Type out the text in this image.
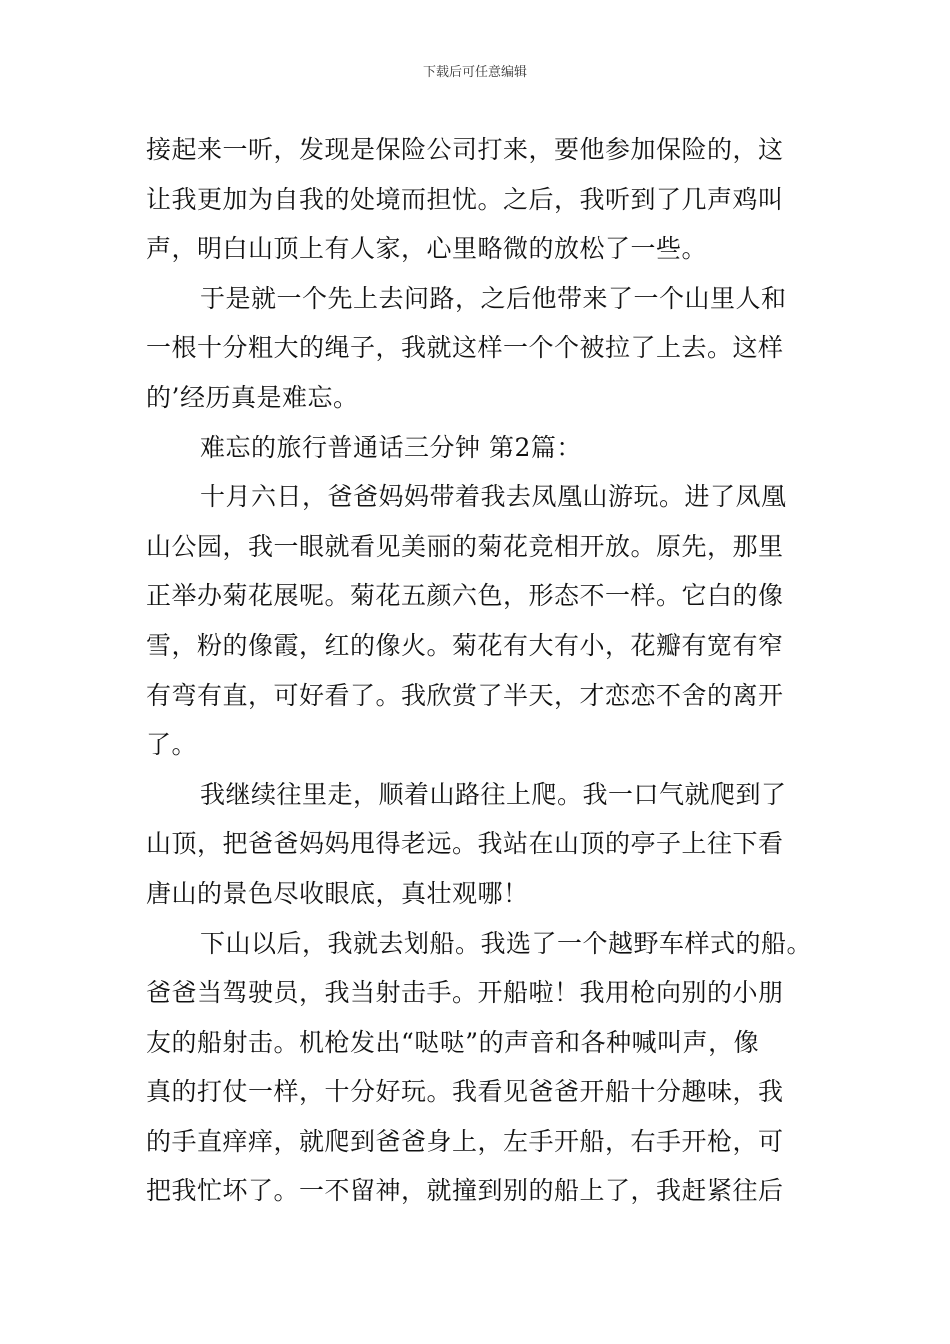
下载后可任意编辑
接起来一听，发现是保险公司打来，要他参加保险的，这
让我更加为自我的处境而担忧。之后，我听到了几声鸡叫
声，明白山顶上有人家，心里略微的放松了一些。
于是就一个先上去问路，之后他带来了一个山里人和
一根十分粗大的绳子，我就这样一个个被拉了上去。这样
的’经历真是难忘。
难忘的旅行普通话三分钟 第2篇：
十月六日，爸爸妈妈带着我去凤凰山游玩。进了凤凰
山公园，我一眼就看见美丽的菊花竞相开放。原先，那里
正举办菊花展呢。菊花五颜六色，形态不一样。它白的像
雪，粉的像霞，红的像火。菊花有大有小，花瓣有宽有窄
有弯有直，可好看了。我欣赏了半天，才恋恋不舍的离开
了。
我继续往里走，顺着山路往上爬。我一口气就爬到了
山顶，把爸爸妈妈甩得老远。我站在山顶的亭子上往下看
唐山的景色尽收眼底，真壮观哪！
下山以后，我就去划船。我选了一个越野车样式的船。
爸爸当驾驶员，我当射击手。开船啦！我用枪向别的小朋
友的船射击。机枪发出“哒哒”的声音和各种喊叫声，像
真的打仗一样，十分好玩。我看见爸爸开船十分趣味，我
的手直痒痒，就爬到爸爸身上，左手开船，右手开枪，可
把我忙坏了。一不留神，就撞到别的船上了，我赶紧往后
